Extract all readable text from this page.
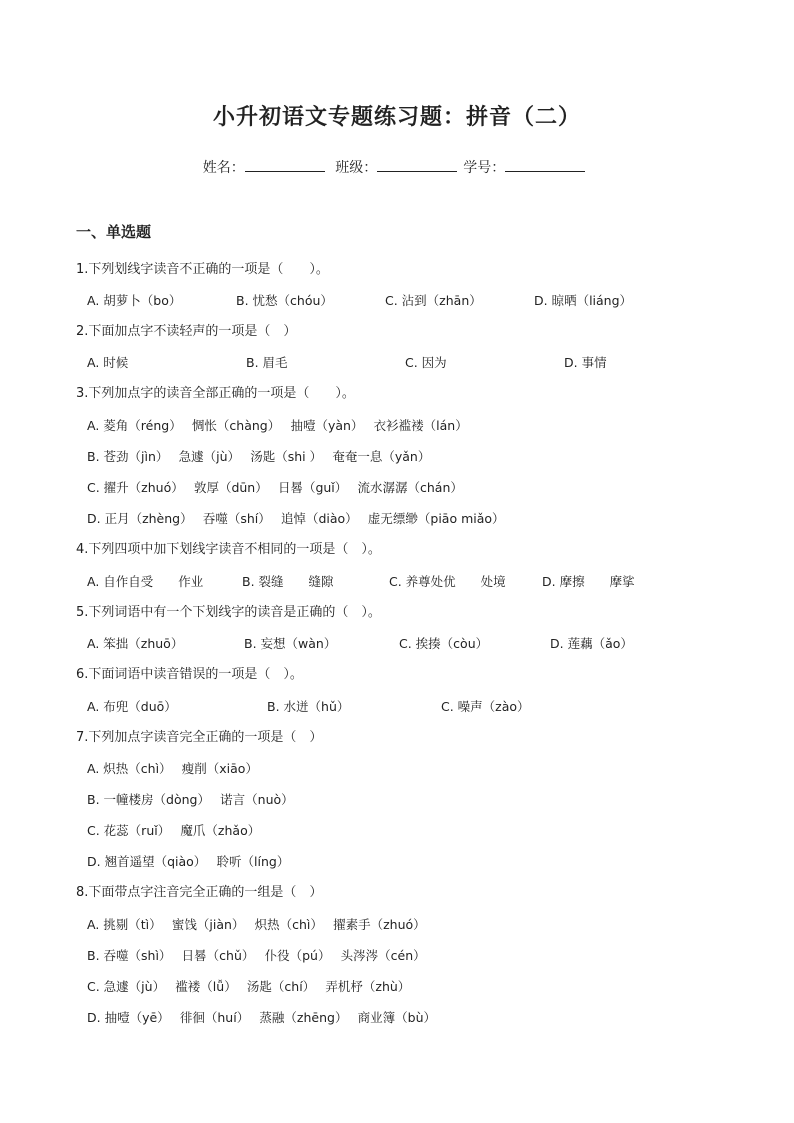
小升初语文专题练习题：拼音（二）
姓名：	班级：	学号：
一、单选题
1.下列划线字读音不正确的一项是（　　）。
A. 胡萝卜（bo）	B. 忧愁（chóu）	C. 沾到（zhān）	D. 晾晒（liáng）
2.下面加点字不读轻声的一项是（　）
A. 时候	B. 眉毛	C. 因为	D. 事情
3.下列加点字的读音全部正确的一项是（　　）。
A. 菱角（réng）　 惆怅（chàng）　 抽噎（yàn）　 衣衫褴褛（lán）
B. 苍劲（jìn）　 急遽（jù）　 汤匙（shi ）　 奄奄一息（yǎn）
C. 擢升（zhuó）　 敦厚（dūn）　 日晷（guǐ）　 流水潺潺（chán）
D. 正月（zhèng）　 吞噬（shí）　 追悼（diào）　 虚无缥缈（piāo miǎo）
4.下列四项中加下划线字读音不相同的一项是（　）。
A. 自作自受　　作业	B. 裂缝　　缝隙	C. 养尊处优　　处境	D. 摩擦　　摩挲
5.下列词语中有一个下划线字的读音是正确的（　）。
A. 笨拙（zhuō）	B. 妄想（wàn）	C. 挨揍（còu）	D. 莲藕（ǎo）
6.下面词语中读音错误的一项是（　）。
A. 布兜（duō）	B. 水迸（hǔ）	C. 噪声（zào）
7.下列加点字读音完全正确的一项是（　）
A. 炽热（chì）　 瘦削（xiāo）
B. 一幢楼房（dòng）　 诺言（nuò）
C. 花蕊（ruǐ）　 魔爪（zhǎo）
D. 翘首遥望（qiào）　 聆听（líng）
8.下面带点字注音完全正确的一组是（　）
A. 挑剔（tì）　 蜜饯（jiàn）　 炽热（chì）　 擢素手（zhuó）
B. 吞噬（shì）　 日晷（chǔ）　 仆役（pú）　 头涔涔（cén）
C. 急遽（jù）　 褴褛（lǚ）　 汤匙（chí）　 弄机杼（zhù）
D. 抽噎（yē）　 徘徊（huí）　 蒸融（zhēng）　 商业簿（bù）
